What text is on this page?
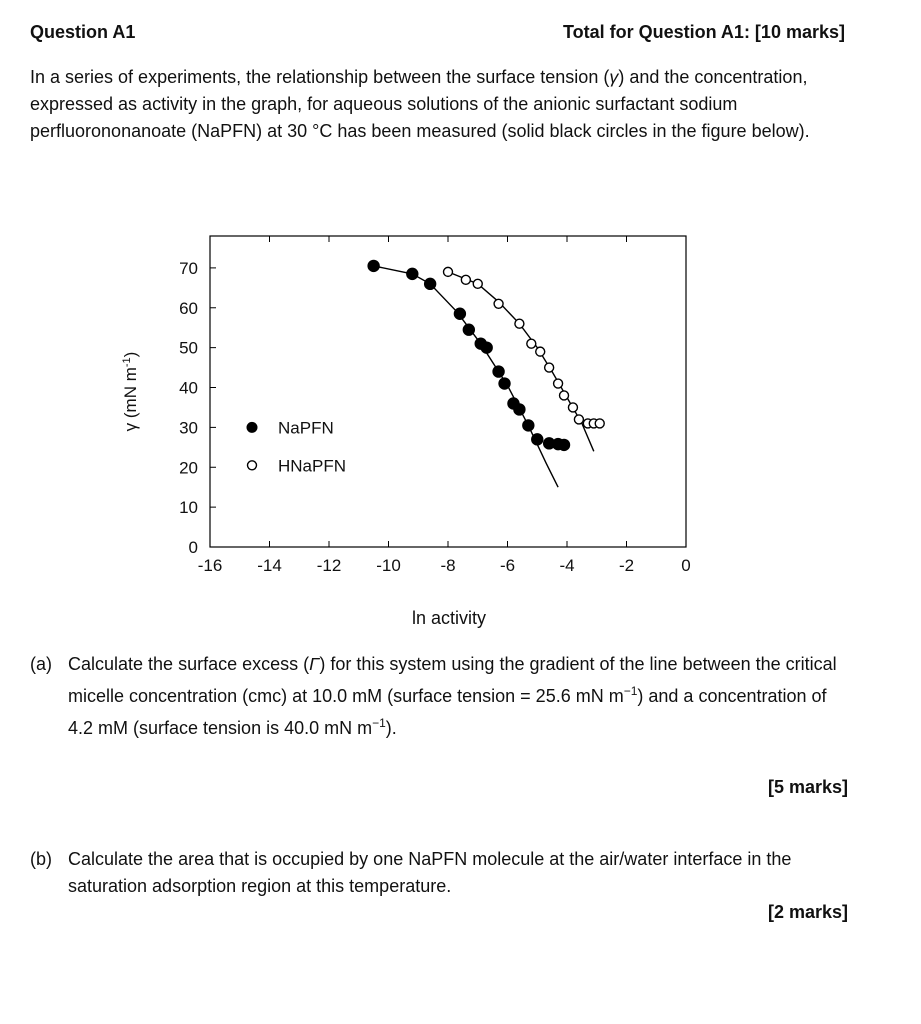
Question A1	Total for Question A1: [10 marks]
In a series of experiments, the relationship between the surface tension (γ) and the concentration, expressed as activity in the graph, for aqueous solutions of the anionic surfactant sodium perfluorononanoate (NaPFN) at 30 °C has been measured (solid black circles in the figure below).
-16 -14 -12 -10 -8	-6	-4	-2	0
0
10
20
30
40
50
60
70
ln activity
γ (mN $m^{-1}$)
NaPFN
HNaPFN
(a) Calculate the surface excess (Γ) for this system using the gradient of the line between the critical micelle concentration (cmc) at 10.0 mM (surface tension = 25.6 mN $m^{-1}$) and a concentration of 4.2 mM (surface tension is 40.0 mN $m^{-1}$).
[5 marks]
(b) Calculate the area that is occupied by one NaPFN molecule at the air/water interface in the saturation adsorption region at this temperature.
[2 marks]
